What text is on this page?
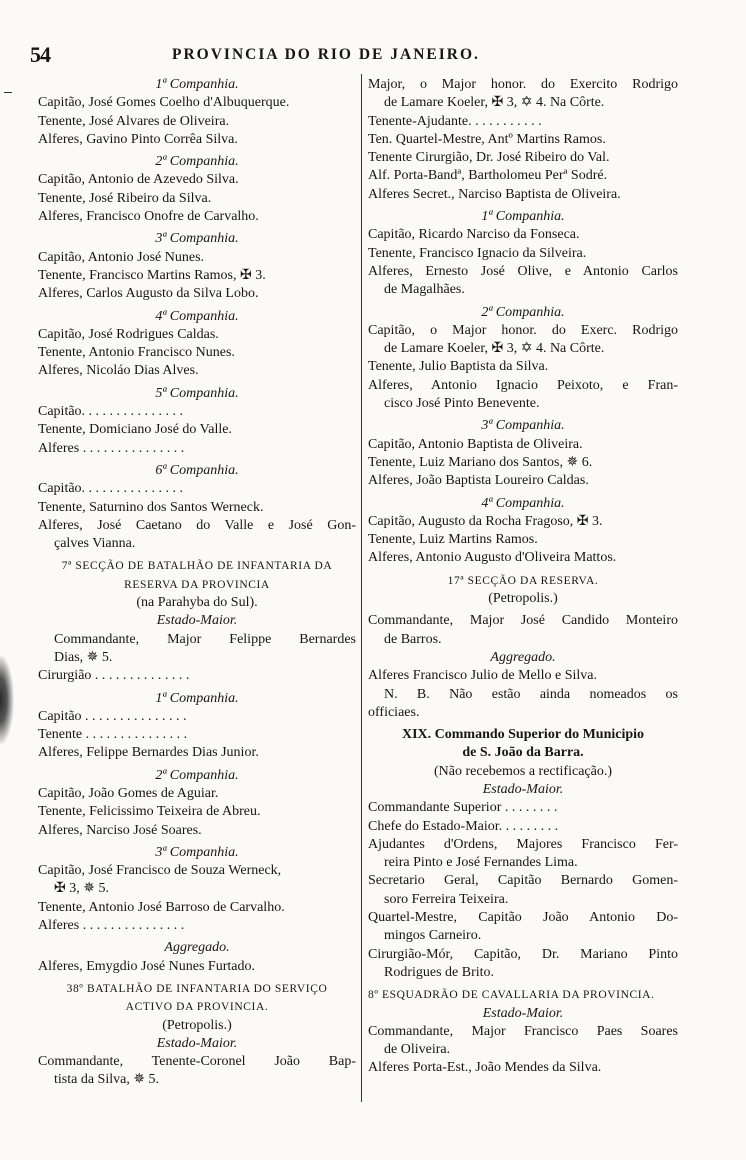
54	PROVINCIA DO RIO DE JANEIRO.
1ª Companhia.
Capitão, José Gomes Coelho d'Albuquerque.
Tenente, José Alvares de Oliveira.
Alferes, Gavino Pinto Corrêa Silva.
2ª Companhia.
Capitão, Antonio de Azevedo Silva.
Tenente, José Ribeiro da Silva.
Alferes, Francisco Onofre de Carvalho.
3ª Companhia.
Capitão, Antonio José Nunes.
Tenente, Francisco Martins Ramos, ✠ 3.
Alferes, Carlos Augusto da Silva Lobo.
4ª Companhia.
Capitão, José Rodrigues Caldas.
Tenente, Antonio Francisco Nunes.
Alferes, Nicoláo Dias Alves.
5ª Companhia.
Capitão. . . . . . . . . . . . . . .
Tenente, Domiciano José do Valle.
Alferes . . . . . . . . . . . . . . .
6ª Companhia.
Capitão. . . . . . . . . . . . . . .
Tenente, Saturnino dos Santos Werneck.
Alferes, José Caetano do Valle e José Gon-
çalves Vianna.
7ª SECÇÃO DE BATALHÃO DE INFANTARIA DA
RESERVA DA PROVINCIA
(na Parahyba do Sul).
Estado-Maior.
Commandante, Major Felippe Bernardes
Dias, ✵ 5.
Cirurgião . . . . . . . . . . . . . .
1ª Companhia.
Capitão . . . . . . . . . . . . . . .
Tenente . . . . . . . . . . . . . . .
Alferes, Felippe Bernardes Dias Junior.
2ª Companhia.
Capitão, João Gomes de Aguiar.
Tenente, Felicissimo Teixeira de Abreu.
Alferes, Narciso José Soares.
3ª Companhia.
Capitão, José Francisco de Souza Werneck,
✠ 3, ✵ 5.
Tenente, Antonio José Barroso de Carvalho.
Alferes . . . . . . . . . . . . . . .
Aggregado.
Alferes, Emygdio José Nunes Furtado.
38º BATALHÃO DE INFANTARIA DO SERVIÇO
ACTIVO DA PROVINCIA.
(Petropolis.)
Estado-Maior.
Commandante, Tenente-Coronel João Bap-
tista da Silva, ✵ 5.
Major, o Major honor. do Exercito Rodrigo
de Lamare Koeler, ✠ 3, ✡ 4. Na Côrte.
Tenente-Ajudante. . . . . . . . . . .
Ten. Quartel-Mestre, Antº Martins Ramos.
Tenente Cirurgião, Dr. José Ribeiro do Val.
Alf. Porta-Bandª, Bartholomeu Perª Sodré.
Alferes Secret., Narciso Baptista de Oliveira.
1ª Companhia.
Capitão, Ricardo Narciso da Fonseca.
Tenente, Francisco Ignacio da Silveira.
Alferes, Ernesto José Olive, e Antonio Carlos
de Magalhães.
2ª Companhia.
Capitão, o Major honor. do Exerc. Rodrigo
de Lamare Koeler, ✠ 3, ✡ 4. Na Côrte.
Tenente, Julio Baptista da Silva.
Alferes, Antonio Ignacio Peixoto, e Fran-
cisco José Pinto Benevente.
3ª Companhia.
Capitão, Antonio Baptista de Oliveira.
Tenente, Luiz Mariano dos Santos, ✵ 6.
Alferes, João Baptista Loureiro Caldas.
4ª Companhia.
Capitão, Augusto da Rocha Fragoso, ✠ 3.
Tenente, Luiz Martins Ramos.
Alferes, Antonio Augusto d'Oliveira Mattos.
17ª SECÇÃO DA RESERVA.
(Petropolis.)
Commandante, Major José Candido Monteiro
de Barros.
Aggregado.
Alferes Francisco Julio de Mello e Silva.
N. B. Não estão ainda nomeados os
officiaes.
XIX. Commando Superior do Municipio
de S. João da Barra.
(Não recebemos a rectificação.)
Estado-Maior.
Commandante Superior . . . . . . . .
Chefe do Estado-Maior. . . . . . . . .
Ajudantes d'Ordens, Majores Francisco Fer-
reira Pinto e José Fernandes Lima.
Secretario Geral, Capitão Bernardo Gomen-
soro Ferreira Teixeira.
Quartel-Mestre, Capitão João Antonio Do-
mingos Carneiro.
Cirurgião-Mór, Capitão, Dr. Mariano Pinto
Rodrigues de Brito.
8º ESQUADRÃO DE CAVALLARIA DA PROVINCIA.
Estado-Maior.
Commandante, Major Francisco Paes Soares
de Oliveira.
Alferes Porta-Est., João Mendes da Silva.
